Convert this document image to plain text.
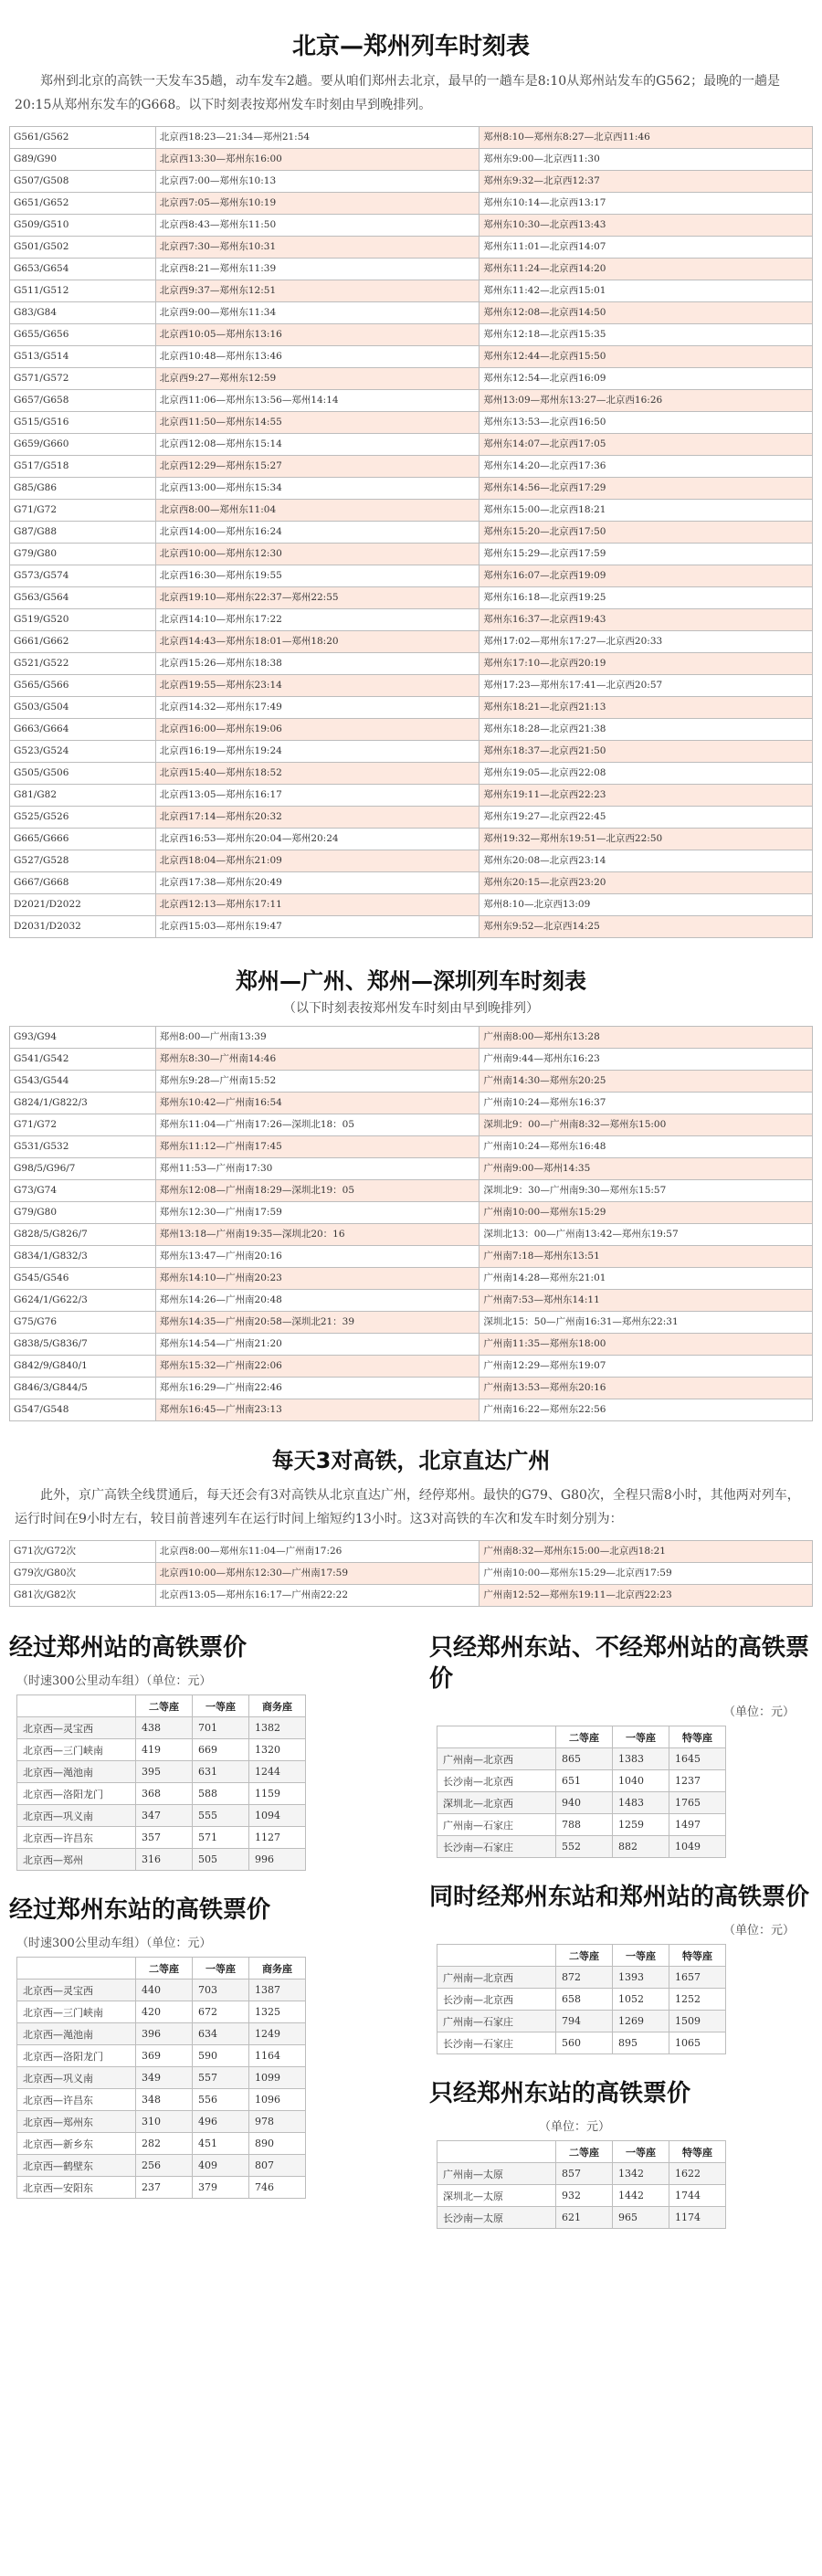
北京—郑州列车时刻表

郑州到北京的高铁一天发车35趟，动车发车2趟。要从咱们郑州去北京，最早的一趟车是8:10从郑州站发车的G562；最晚的一趟是20:15从郑州东发车的G668。以下时刻表按郑州发车时刻由早到晚排列。

G561/G562	北京西18:23—21:34—郑州21:54	郑州8:10—郑州东8:27—北京西11:46
G89/G90	北京西13:30—郑州东16:00	郑州东9:00—北京西11:30
G507/G508	北京西7:00—郑州东10:13	郑州东9:32—北京西12:37
G651/G652	北京西7:05—郑州东10:19	郑州东10:14—北京西13:17
G509/G510	北京西8:43—郑州东11:50	郑州东10:30—北京西13:43
G501/G502	北京西7:30—郑州东10:31	郑州东11:01—北京西14:07
G653/G654	北京西8:21—郑州东11:39	郑州东11:24—北京西14:20
G511/G512	北京西9:37—郑州东12:51	郑州东11:42—北京西15:01
G83/G84	北京西9:00—郑州东11:34	郑州东12:08—北京西14:50
G655/G656	北京西10:05—郑州东13:16	郑州东12:18—北京西15:35
G513/G514	北京西10:48—郑州东13:46	郑州东12:44—北京西15:50
G571/G572	北京西9:27—郑州东12:59	郑州东12:54—北京西16:09
G657/G658	北京西11:06—郑州东13:56—郑州14:14	郑州13:09—郑州东13:27—北京西16:26
G515/G516	北京西11:50—郑州东14:55	郑州东13:53—北京西16:50
G659/G660	北京西12:08—郑州东15:14	郑州东14:07—北京西17:05
G517/G518	北京西12:29—郑州东15:27	郑州东14:20—北京西17:36
G85/G86	北京西13:00—郑州东15:34	郑州东14:56—北京西17:29
G71/G72	北京西8:00—郑州东11:04	郑州东15:00—北京西18:21
G87/G88	北京西14:00—郑州东16:24	郑州东15:20—北京西17:50
G79/G80	北京西10:00—郑州东12:30	郑州东15:29—北京西17:59
G573/G574	北京西16:30—郑州东19:55	郑州东16:07—北京西19:09
G563/G564	北京西19:10—郑州东22:37—郑州22:55	郑州东16:18—北京西19:25
G519/G520	北京西14:10—郑州东17:22	郑州东16:37—北京西19:43
G661/G662	北京西14:43—郑州东18:01—郑州18:20	郑州17:02—郑州东17:27—北京西20:33
G521/G522	北京西15:26—郑州东18:38	郑州东17:10—北京西20:19
G565/G566	北京西19:55—郑州东23:14	郑州17:23—郑州东17:41—北京西20:57
G503/G504	北京西14:32—郑州东17:49	郑州东18:21—北京西21:13
G663/G664	北京西16:00—郑州东19:06	郑州东18:28—北京西21:38
G523/G524	北京西16:19—郑州东19:24	郑州东18:37—北京西21:50
G505/G506	北京西15:40—郑州东18:52	郑州东19:05—北京西22:08
G81/G82	北京西13:05—郑州东16:17	郑州东19:11—北京西22:23
G525/G526	北京西17:14—郑州东20:32	郑州东19:27—北京西22:45
G665/G666	北京西16:53—郑州东20:04—郑州20:24	郑州19:32—郑州东19:51—北京西22:50
G527/G528	北京西18:04—郑州东21:09	郑州东20:08—北京西23:14
G667/G668	北京西17:38—郑州东20:49	郑州东20:15—北京西23:20
D2021/D2022	北京西12:13—郑州东17:11	郑州8:10—北京西13:09
D2031/D2032	北京西15:03—郑州东19:47	郑州东9:52—北京西14:25
郑州—广州、郑州—深圳列车时刻表

（以下时刻表按郑州发车时刻由早到晚排列）

G93/G94	郑州8:00—广州南13:39	广州南8:00—郑州东13:28
G541/G542	郑州东8:30—广州南14:46	广州南9:44—郑州东16:23
G543/G544	郑州东9:28—广州南15:52	广州南14:30—郑州东20:25
G824/1/G822/3	郑州东10:42—广州南16:54	广州南10:24—郑州东16:37
G71/G72	郑州东11:04—广州南17:26—深圳北18：05	深圳北9：00—广州南8:32—郑州东15:00
G531/G532	郑州东11:12—广州南17:45	广州南10:24—郑州东16:48
G98/5/G96/7	郑州11:53—广州南17:30	广州南9:00—郑州14:35
G73/G74	郑州东12:08—广州南18:29—深圳北19：05	深圳北9：30—广州南9:30—郑州东15:57
G79/G80	郑州东12:30—广州南17:59	广州南10:00—郑州东15:29
G828/5/G826/7	郑州13:18—广州南19:35—深圳北20：16	深圳北13：00—广州南13:42—郑州东19:57
G834/1/G832/3	郑州东13:47—广州南20:16	广州南7:18—郑州东13:51
G545/G546	郑州东14:10—广州南20:23	广州南14:28—郑州东21:01
G624/1/G622/3	郑州东14:26—广州南20:48	广州南7:53—郑州东14:11
G75/G76	郑州东14:35—广州南20:58—深圳北21：39	深圳北15：50—广州南16:31—郑州东22:31
G838/5/G836/7	郑州东14:54—广州南21:20	广州南11:35—郑州东18:00
G842/9/G840/1	郑州东15:32—广州南22:06	广州南12:29—郑州东19:07
G846/3/G844/5	郑州东16:29—广州南22:46	广州南13:53—郑州东20:16
G547/G548	郑州东16:45—广州南23:13	广州南16:22—郑州东22:56
每天3对高铁，北京直达广州

此外，京广高铁全线贯通后，每天还会有3对高铁从北京直达广州，经停郑州。最快的G79、G80次，全程只需8小时，其他两对列车，运行时间在9小时左右，较目前普速列车在运行时间上缩短约13小时。这3对高铁的车次和发车时刻分别为：

G71次/G72次	北京西8:00—郑州东11:04—广州南17:26	广州南8:32—郑州东15:00—北京西18:21
G79次/G80次	北京西10:00—郑州东12:30—广州南17:59	广州南10:00—郑州东15:29—北京西17:59
G81次/G82次	北京西13:05—郑州东16:17—广州南22:22	广州南12:52—郑州东19:11—北京西22:23
经过郑州站的高铁票价
（时速300公里动车组）（单位：元）
	二等座	一等座	商务座
北京西—灵宝西	438	701	1382
北京西—三门峡南	419	669	1320
北京西—渑池南	395	631	1244
北京西—洛阳龙门	368	588	1159
北京西—巩义南	347	555	1094
北京西—许昌东	357	571	1127
北京西—郑州	316	505	996
经过郑州东站的高铁票价
（时速300公里动车组）（单位：元）
	二等座	一等座	商务座
北京西—灵宝西	440	703	1387
北京西—三门峡南	420	672	1325
北京西—渑池南	396	634	1249
北京西—洛阳龙门	369	590	1164
北京西—巩义南	349	557	1099
北京西—许昌东	348	556	1096
北京西—郑州东	310	496	978
北京西—新乡东	282	451	890
北京西—鹤壁东	256	409	807
北京西—安阳东	237	379	746
只经郑州东站、不经郑州站的高铁票价
（单位：元）
	二等座	一等座	特等座
广州南—北京西	865	1383	1645
长沙南—北京西	651	1040	1237
深圳北—北京西	940	1483	1765
广州南—石家庄	788	1259	1497
长沙南—石家庄	552	882	1049
同时经郑州东站和郑州站的高铁票价
（单位：元）
	二等座	一等座	特等座
广州南—北京西	872	1393	1657
长沙南—北京西	658	1052	1252
广州南—石家庄	794	1269	1509
长沙南—石家庄	560	895	1065
只经郑州东站的高铁票价
（单位：元）
	二等座	一等座	特等座
广州南—太原	857	1342	1622
深圳北—太原	932	1442	1744
长沙南—太原	621	965	1174
